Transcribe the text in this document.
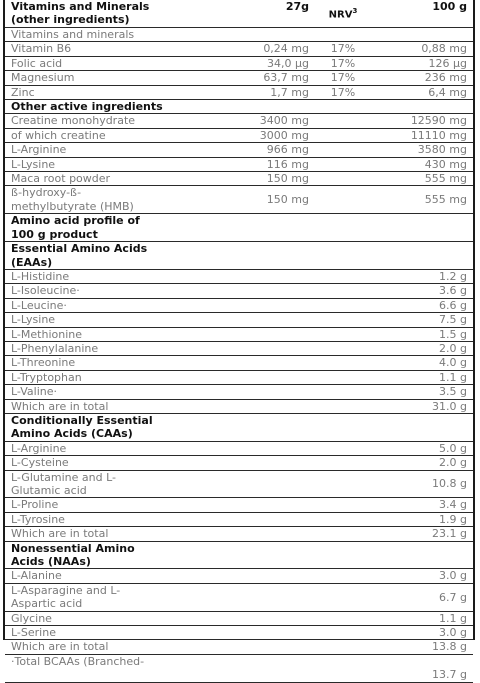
Vitamins and Minerals
(other ingredients)	27g	NRV$^3$	100 g
Vitamins and minerals			
Vitamin B6	0,24 mg	17%	0,88 mg
Folic acid	34,0 µg	17%	126 µg
Magnesium	63,7 mg	17%	236 mg
Zinc	1,7 mg	17%	6,4 mg
Other active ingredients			
Creatine monohydrate	3400 mg		12590 mg
of which creatine	3000 mg		11110 mg
L-Arginine	966 mg		3580 mg
L-Lysine	116 mg		430 mg
Maca root powder	150 mg		555 mg
ß-hydroxy-ß-
methylbutyrate (HMB)	150 mg		555 mg
Amino acid profile of
100 g product			
Essential Amino Acids
(EAAs)			
L-Histidine			1.2 g
L-Isoleucine·			3.6 g
L-Leucine·			6.6 g
L-Lysine			7.5 g
L-Methionine			1.5 g
L-Phenylalanine			2.0 g
L-Threonine			4.0 g
L-Tryptophan			1.1 g
L-Valine·			3.5 g
Which are in total			31.0 g
Conditionally Essential
Amino Acids (CAAs)			
L-Arginine			5.0 g
L-Cysteine			2.0 g
L-Glutamine and L-
Glutamic acid			10.8 g
L-Proline			3.4 g
L-Tyrosine			1.9 g
Which are in total			23.1 g
Nonessential Amino
Acids (NAAs)			
L-Alanine			3.0 g
L-Asparagine and L-
Aspartic acid			6.7 g
Glycine			1.1 g
L-Serine			3.0 g
Which are in total			13.8 g
·Total BCAAs (Branched-			13.7 g
